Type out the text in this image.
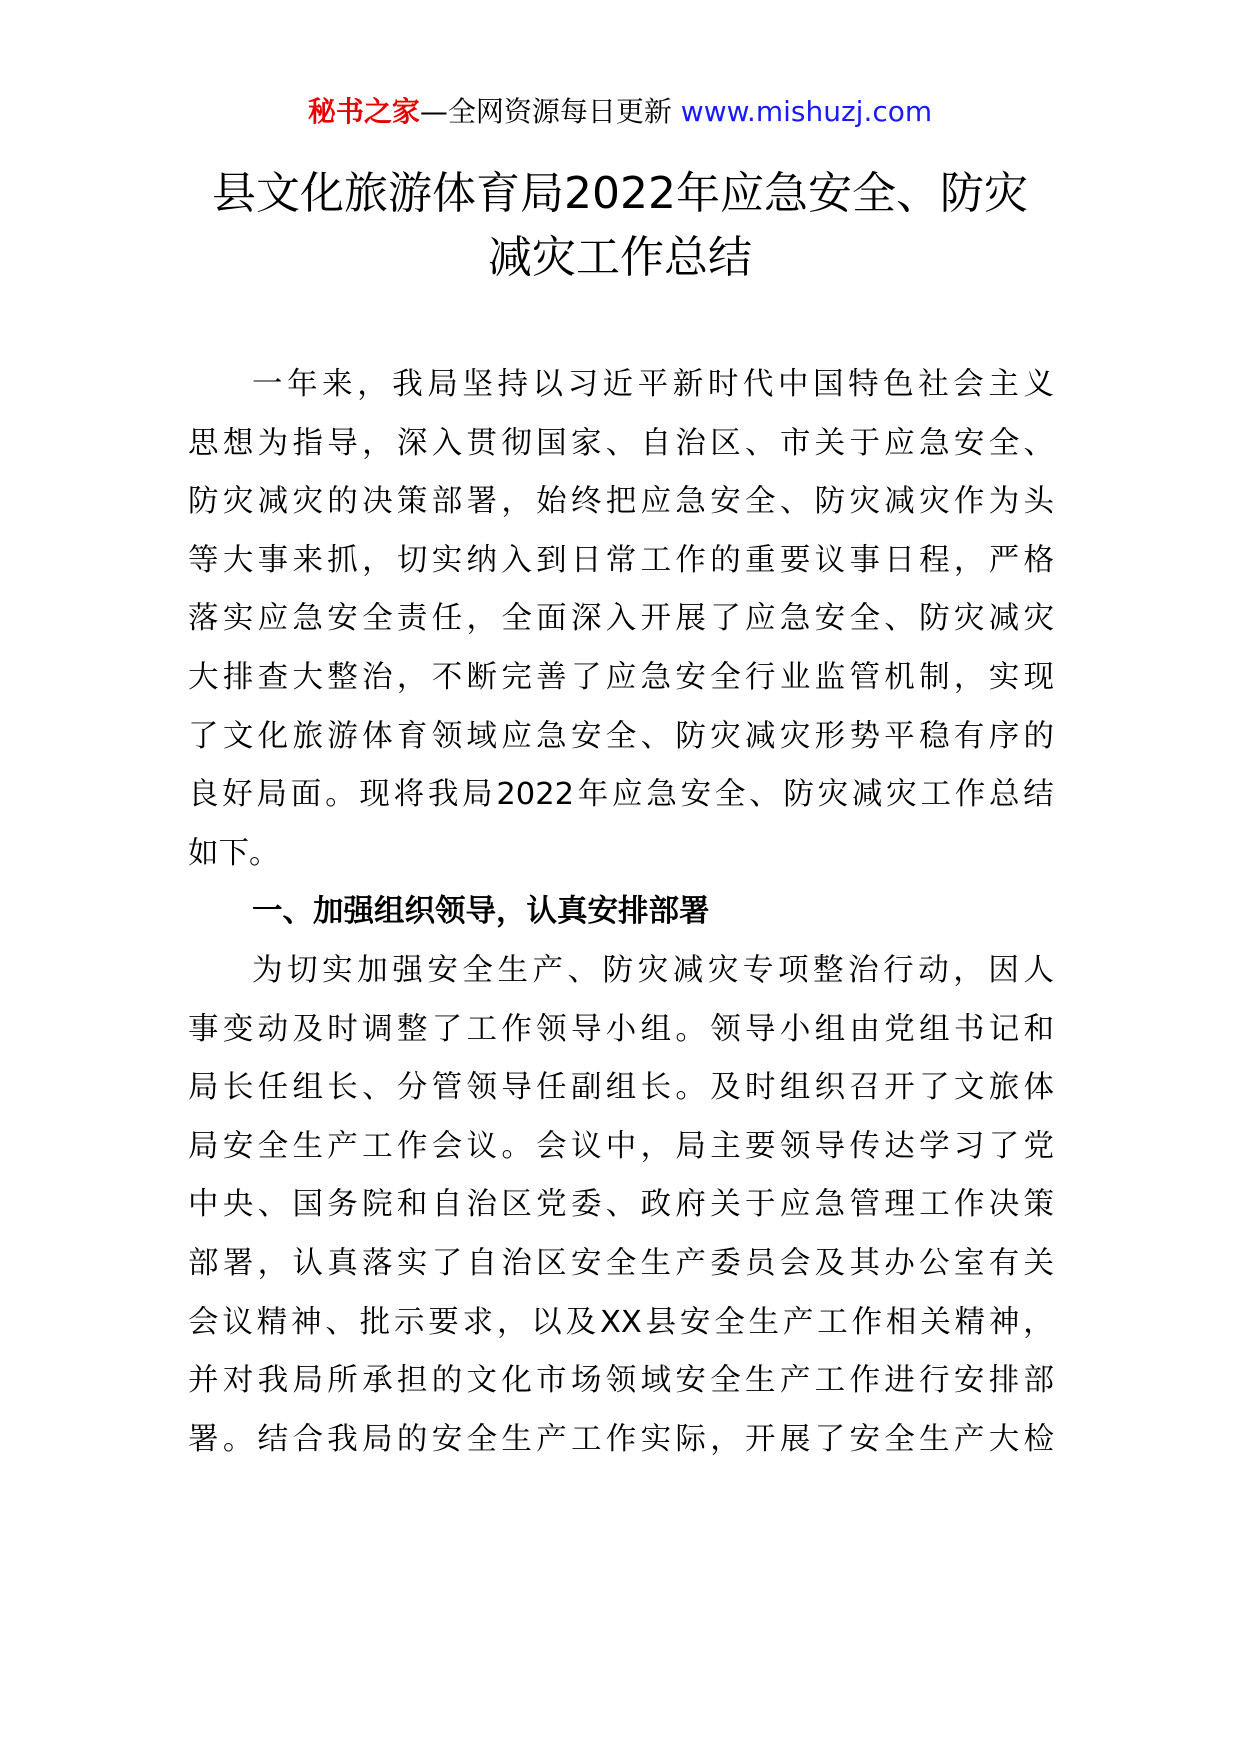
秘书之家—全网资源每日更新 www.mishuzj.com
县文化旅游体育局2022年应急安全、防灾
减灾工作总结
一 年 来 ， 我 局 坚 持 以 习 近 平 新 时 代 中 国 特 色 社 会 主 义
思 想 为 指 导 ， 深 入 贯 彻 国 家 、 自 治 区 、 市 关 于 应 急 安 全 、
防 灾 减 灾 的 决 策 部 署 ， 始 终 把 应 急 安 全 、 防 灾 减 灾 作 为 头
等 大 事 来 抓 ， 切 实 纳 入 到 日 常 工 作 的 重 要 议 事 日 程 ， 严 格
落 实 应 急 安 全 责 任 ， 全 面 深 入 开 展 了 应 急 安 全 、 防 灾 减 灾
大 排 查 大 整 治 ， 不 断 完 善 了 应 急 安 全 行 业 监 管 机 制 ， 实 现
了 文 化 旅 游 体 育 领 域 应 急 安 全 、 防 灾 减 灾 形 势 平 稳 有 序 的
良 好 局 面 。 现 将 我 局 2022 年 应 急 安 全 、 防 灾 减 灾 工 作 总 结
如下。
一、加强组织领导，认真安排部署
为 切 实 加 强 安 全 生 产 、 防 灾 减 灾 专 项 整 治 行 动 ， 因 人
事 变 动 及 时 调 整 了 工 作 领 导 小 组 。 领 导 小 组 由 党 组 书 记 和
局 长 任 组 长 、 分 管 领 导 任 副 组 长 。 及 时 组 织 召 开 了 文 旅 体
局 安 全 生 产 工 作 会 议 。 会 议 中 ， 局 主 要 领 导 传 达 学 习 了 党
中 央 、 国 务 院 和 自 治 区 党 委 、 政 府 关 于 应 急 管 理 工 作 决 策
部 署 ， 认 真 落 实 了 自 治 区 安 全 生 产 委 员 会 及 其 办 公 室 有 关
会 议 精 神 、 批 示 要 求 ， 以 及 XX 县 安 全 生 产 工 作 相 关 精 神 ，
并 对 我 局 所 承 担 的 文 化 市 场 领 域 安 全 生 产 工 作 进 行 安 排 部
署 。 结 合 我 局 的 安 全 生 产 工 作 实 际 ， 开 展 了 安 全 生 产 大 检
